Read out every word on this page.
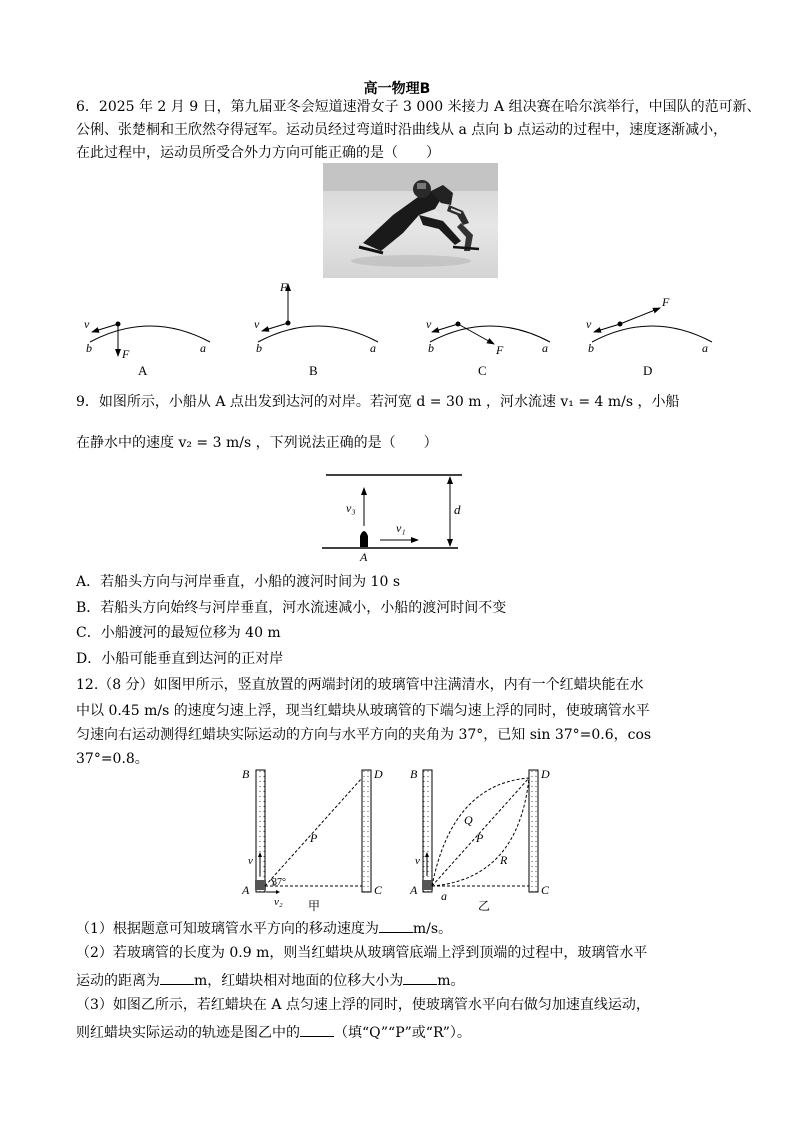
高一物理B
6．2025 年 2 月 9 日，第九届亚冬会短道速滑女子 3 000 米接力 A 组决赛在哈尔滨举行，中国队的范可新、
公俐、张楚桐和王欣然夺得冠军。运动员经过弯道时沿曲线从 a 点向 b 点运动的过程中，速度逐渐减小，
在此过程中，运动员所受合外力方向可能正确的是（　　）
v
F
b	a
v
F
b	a
v
F
b	a
v
F
b	a
A	B	C	D
9．如图所示，小船从 A 点出发到达河的对岸。若河宽 d = 30 m ，河水流速 v₁ = 4 m/s ，小船
在静水中的速度 v₂ = 3 m/s ，下列说法正确的是（　　）
v₃
v₁
d
A
A．若船头方向与河岸垂直，小船的渡河时间为 10 s
B．若船头方向始终与河岸垂直，河水流速减小，小船的渡河时间不变
C．小船渡河的最短位移为 40 m
D．小船可能垂直到达河的正对岸
12.（8 分）如图甲所示，竖直放置的两端封闭的玻璃管中注满清水，内有一个红蜡块能在水
中以 0.45 m/s 的速度匀速上浮，现当红蜡块从玻璃管的下端匀速上浮的同时，使玻璃管水平
匀速向右运动测得红蜡块实际运动的方向与水平方向的夹角为 37°，已知 sin 37°=0.6，cos
37°=0.8。
B	D
A	C
P
v
v₂
37°
甲
B	D
A	C
Q
P
R
v
a
乙
（1）根据题意可知玻璃管水平方向的移动速度为 m/s。
（2）若玻璃管的长度为 0.9 m，则当红蜡块从玻璃管底端上浮到顶端的过程中，玻璃管水平
运动的距离为 m，红蜡块相对地面的位移大小为 m。
（3）如图乙所示，若红蜡块在 A 点匀速上浮的同时，使玻璃管水平向右做匀加速直线运动，
则红蜡块实际运动的轨迹是图乙中的 （填“Q”“P”或“R”）。
